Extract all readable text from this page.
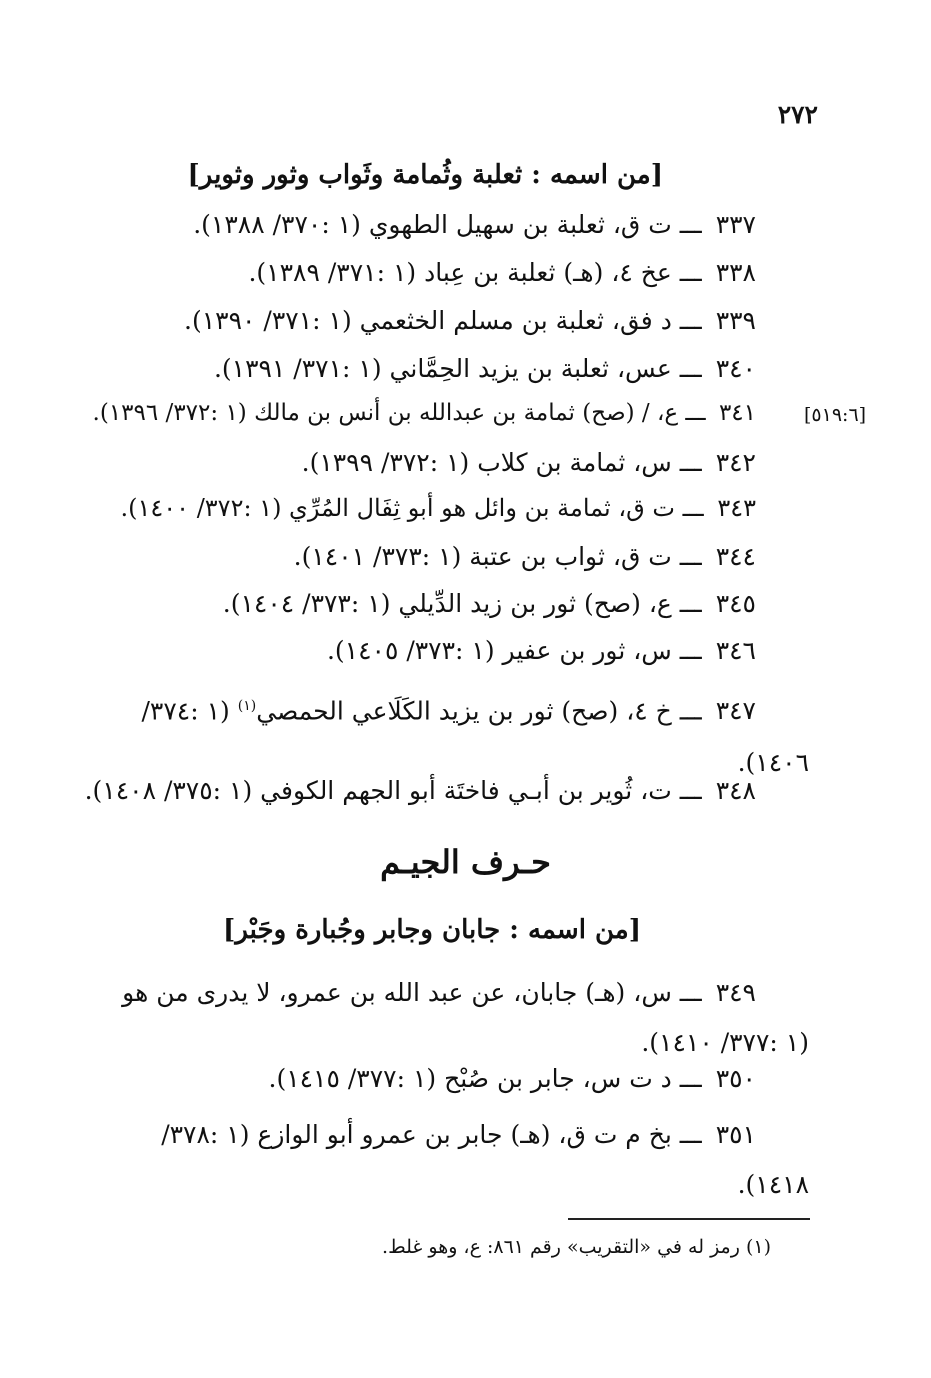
٢٧٢
[من اسمه : ثعلبة وثُمامة وثَواب وثور وثوير]
٣٣٧ ـــ ت ق، ثعلبة بن سهيل الطهوي (١ :٣٧٠/ ١٣٨٨).
٣٣٨ ـــ عخ ٤، (هـ) ثعلبة بن عِباد (١ :٣٧١/ ١٣٨٩).
٣٣٩ ـــ د فق، ثعلبة بن مسلم الخثعمي (١ :٣٧١/ ١٣٩٠).
٣٤٠ ـــ عس، ثعلبة بن يزيد الحِمَّاني (١ :٣٧١/ ١٣٩١).
[٥١٩:٦]
٣٤١ ـــ ع، / (صح) ثمامة بن عبدالله بن أنس بن مالك (١ :٣٧٢/ ١٣٩٦).
٣٤٢ ـــ س، ثمامة بن كلاب (١ :٣٧٢/ ١٣٩٩).
٣٤٣ ـــ ت ق، ثمامة بن وائل هو أبو ثِفَال المُرِّي (١ :٣٧٢/ ١٤٠٠).
٣٤٤ ـــ ت ق، ثواب بن عتبة (١ :٣٧٣/ ١٤٠١).
٣٤٥ ـــ ع، (صح) ثور بن زيد الدِّيلي (١ :٣٧٣/ ١٤٠٤).
٣٤٦ ـــ س، ثور بن عفير (١ :٣٧٣/ ١٤٠٥).
٣٤٧ ـــ خ ٤، (صح) ثور بن يزيد الكَلَاعي الحمصي$^{(١)}$ (١ :٣٧٤/ ١٤٠٦).
٣٤٨ ـــ ت، ثُوير بن أبـي فاختَة أبو الجهم الكوفي (١ :٣٧٥/ ١٤٠٨).
حـرف الجيـم
[من اسمه : جابان وجابر وجُبارة وجَبْر]
٣٤٩ ـــ س، (هـ) جابان، عن عبد الله بن عمرو، لا يدرى من هو (١ :٣٧٧/ ١٤١٠).
٣٥٠ ـــ د ت س، جابر بن صُبْح (١ :٣٧٧/ ١٤١٥).
٣٥١ ـــ بخ م ت ق، (هـ) جابر بن عمرو أبو الوازع (١ :٣٧٨/ ١٤١٨).
(١) رمز له في «التقريب» رقم ٨٦١: ع، وهو غلط.
